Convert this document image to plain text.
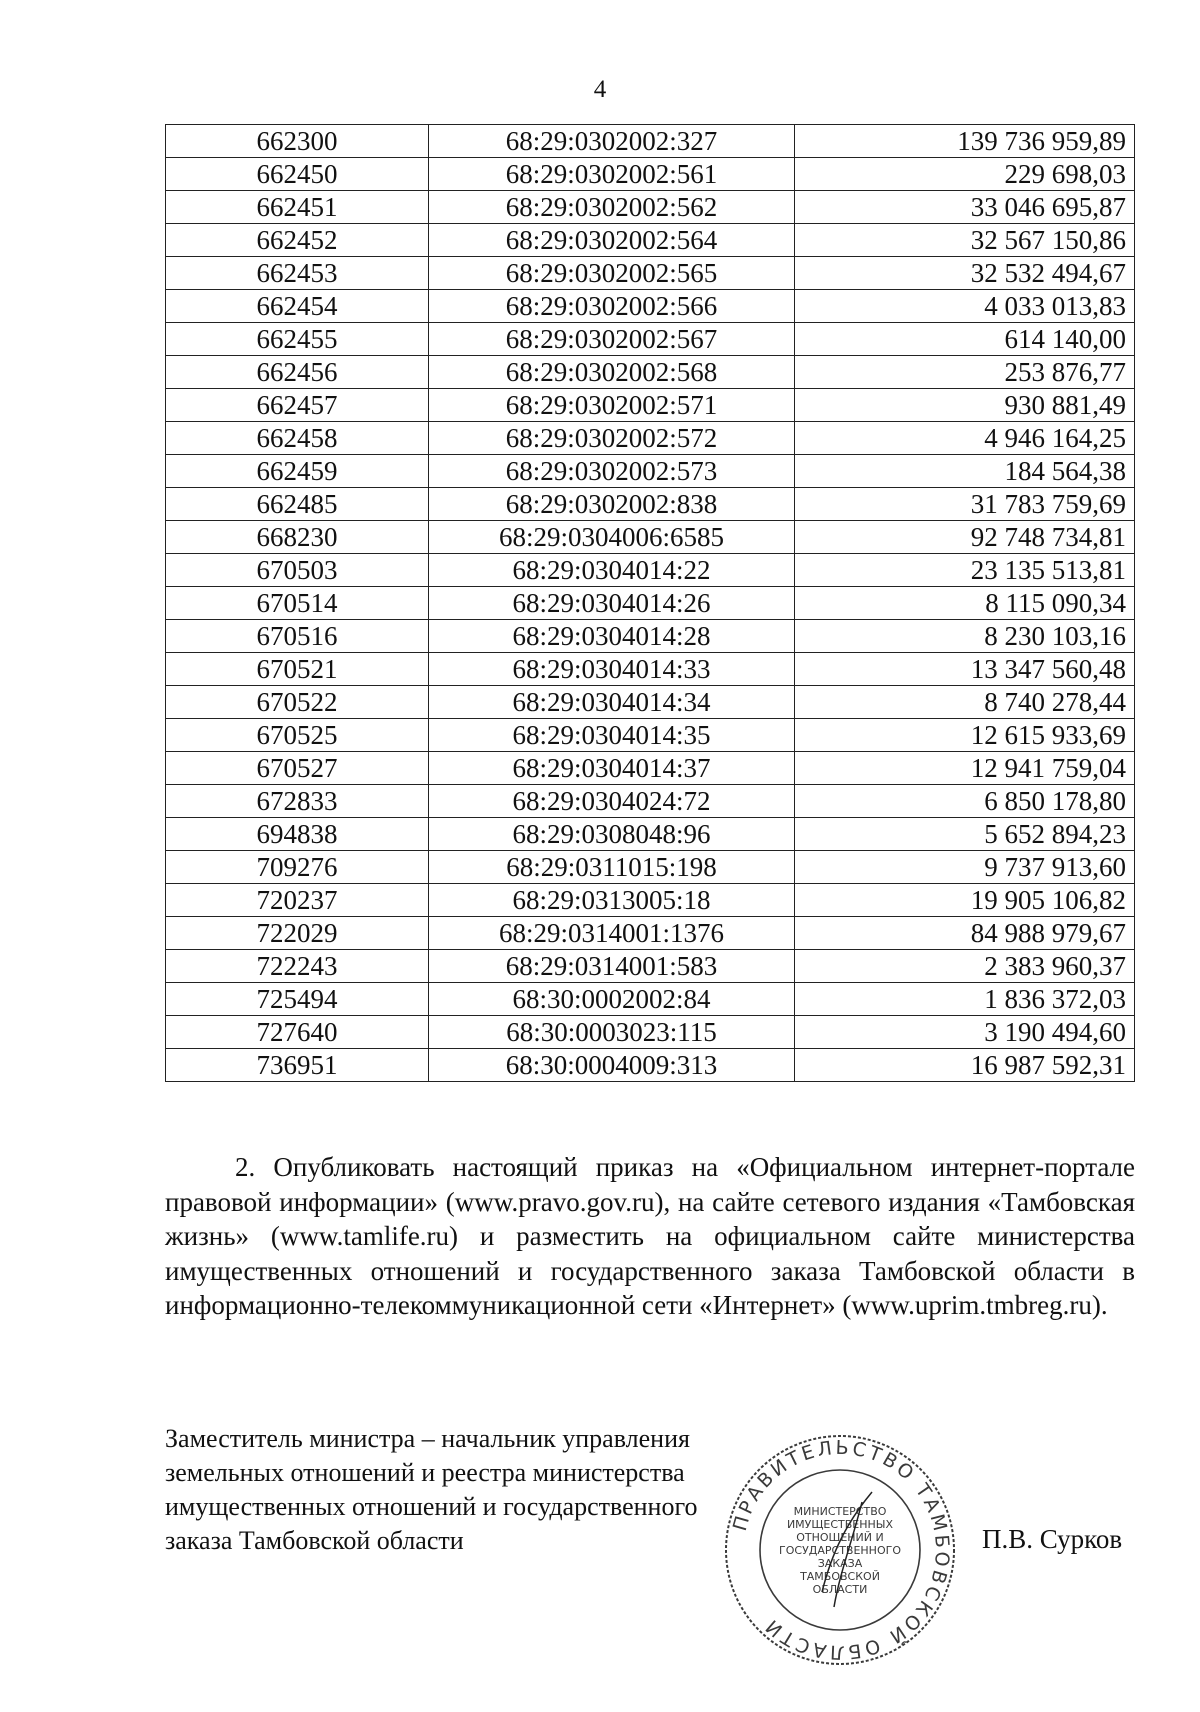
4
662300	68:29:0302002:327	139 736 959,89
662450	68:29:0302002:561	229 698,03
662451	68:29:0302002:562	33 046 695,87
662452	68:29:0302002:564	32 567 150,86
662453	68:29:0302002:565	32 532 494,67
662454	68:29:0302002:566	4 033 013,83
662455	68:29:0302002:567	614 140,00
662456	68:29:0302002:568	253 876,77
662457	68:29:0302002:571	930 881,49
662458	68:29:0302002:572	4 946 164,25
662459	68:29:0302002:573	184 564,38
662485	68:29:0302002:838	31 783 759,69
668230	68:29:0304006:6585	92 748 734,81
670503	68:29:0304014:22	23 135 513,81
670514	68:29:0304014:26	8 115 090,34
670516	68:29:0304014:28	8 230 103,16
670521	68:29:0304014:33	13 347 560,48
670522	68:29:0304014:34	8 740 278,44
670525	68:29:0304014:35	12 615 933,69
670527	68:29:0304014:37	12 941 759,04
672833	68:29:0304024:72	6 850 178,80
694838	68:29:0308048:96	5 652 894,23
709276	68:29:0311015:198	9 737 913,60
720237	68:29:0313005:18	19 905 106,82
722029	68:29:0314001:1376	84 988 979,67
722243	68:29:0314001:583	2 383 960,37
725494	68:30:0002002:84	1 836 372,03
727640	68:30:0003023:115	3 190 494,60
736951	68:30:0004009:313	16 987 592,31
2. Опубликовать настоящий приказ на «Официальном интернет-портале правовой информации» (www.pravo.gov.ru), на сайте сетевого издания «Тамбовская жизнь» (www.tamlife.ru) и разместить на официальном сайте министерства имущественных отношений и государственного заказа Тамбовской области в информационно-телекоммуникационной сети «Интернет» (www.uprim.tmbreg.ru).
Заместитель министра – начальник управления
земельных отношений и реестра министерства
имущественных отношений и государственного
заказа Тамбовской области
ПРАВИТЕЛЬСТВО ТАМБОВСКОЙ ОБЛАСТИ
МИНИСТЕРСТВО
ИМУЩЕСТВЕННЫХ
ОТНОШЕНИЙ И
ГОСУДАРСТВЕННОГО
ЗАКАЗА
ТАМБОВСКОЙ
ОБЛАСТИ
П.В. Сурков
